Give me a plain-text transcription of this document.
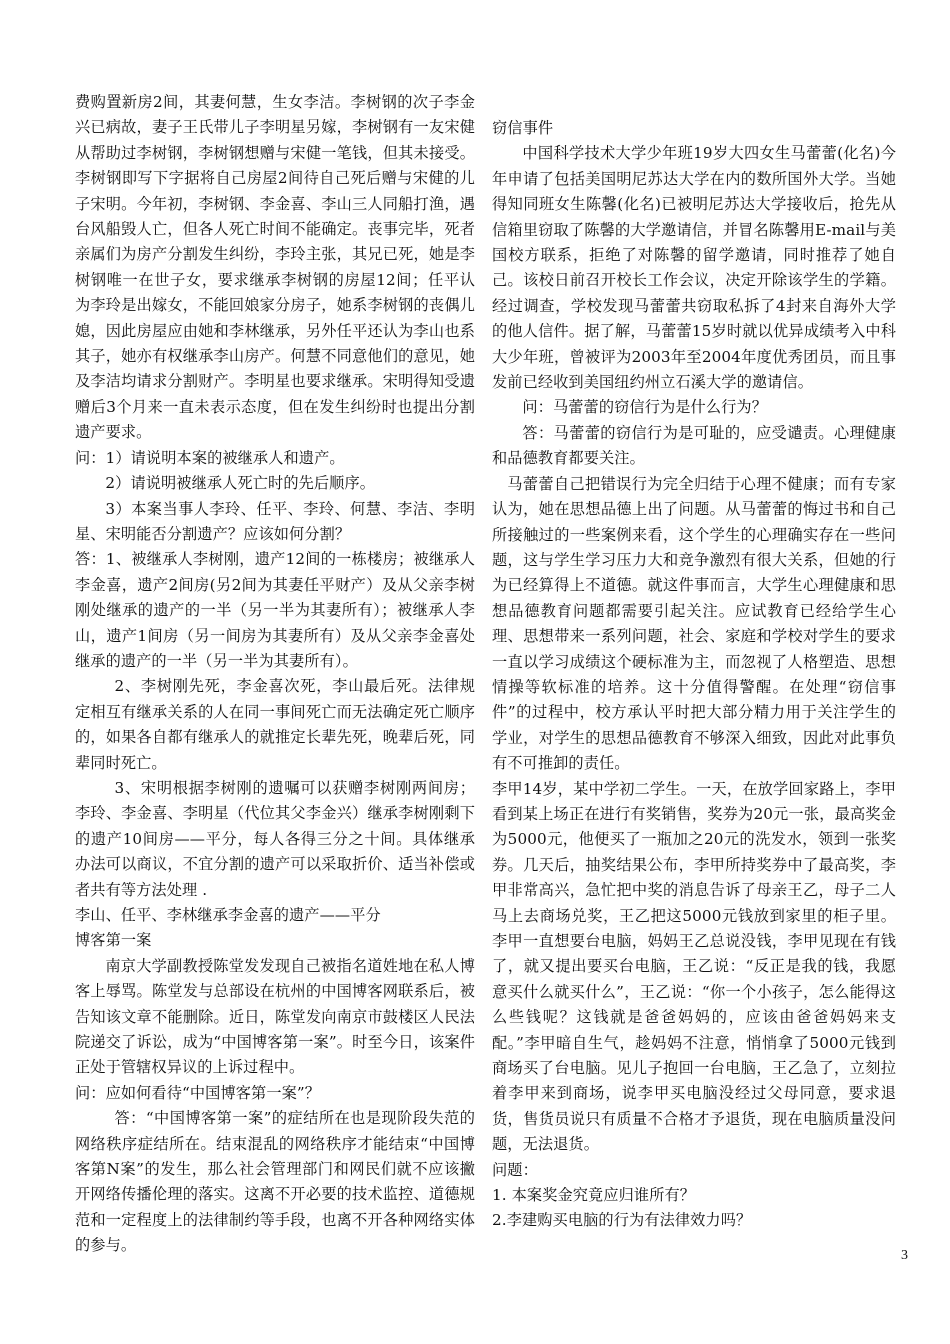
费购置新房2间，其妻何慧，生女李洁。李树钢的次子李金兴已病故，妻子王氏带儿子李明星另嫁，李树钢有一友宋健从帮助过李树钢，李树钢想赠与宋健一笔钱，但其未接受。李树钢即写下字据将自己房屋2间待自己死后赠与宋健的儿子宋明。今年初，李树钢、李金喜、李山三人同船打渔，遇台风船毁人亡，但各人死亡时间不能确定。丧事完毕，死者亲属们为房产分割发生纠纷，李玲主张，其兄已死，她是李树钢唯一在世子女，要求继承李树钢的房屋12间；任平认为李玲是出嫁女，不能回娘家分房子，她系李树钢的丧偶儿媳，因此房屋应由她和李林继承，另外任平还认为李山也系其子，她亦有权继承李山房产。何慧不同意他们的意见，她及李洁均请求分割财产。李明星也要求继承。宋明得知受遗赠后3个月来一直未表示态度，但在发生纠纷时也提出分割遗产要求。

问：1）请说明本案的被继承人和遗产。

2）请说明被继承人死亡时的先后顺序。

3）本案当事人李玲、任平、李玲、何慧、李洁、李明星、宋明能否分割遗产？应该如何分割？

答：1、被继承人李树刚，遗产12间的一栋楼房；被继承人李金喜，遗产2间房(另2间为其妻任平财产）及从父亲李树刚处继承的遗产的一半（另一半为其妻所有）；被继承人李山，遗产1间房（另一间房为其妻所有）及从父亲李金喜处继承的遗产的一半（另一半为其妻所有）。

2、李树刚先死，李金喜次死，李山最后死。法律规定相互有继承关系的人在同一事间死亡而无法确定死亡顺序的，如果各自都有继承人的就推定长辈先死，晚辈后死，同辈同时死亡。

3、宋明根据李树刚的遗嘱可以获赠李树刚两间房；李玲、李金喜、李明星（代位其父李金兴）继承李树刚剩下的遗产10间房——平分，每人各得三分之十间。具体继承办法可以商议，不宜分割的遗产可以采取折价、适当补偿或者共有等方法处理 .

李山、任平、李林继承李金喜的遗产——平分

博客第一案

南京大学副教授陈堂发发现自己被指名道姓地在私人博客上辱骂。陈堂发与总部设在杭州的中国博客网联系后，被告知该文章不能删除。近日，陈堂发向南京市鼓楼区人民法院递交了诉讼，成为“中国博客第一案”。时至今日，该案件正处于管辖权异议的上诉过程中。

问：应如何看待“中国博客第一案”？

答：“中国博客第一案”的症结所在也是现阶段失范的网络秩序症结所在。结束混乱的网络秩序才能结束“中国博客第N案”的发生，那么社会管理部门和网民们就不应该撇开网络传播伦理的落实。这离不开必要的技术监控、道德规范和一定程度上的法律制约等手段，也离不开各种网络实体的参与。

窃信事件

中国科学技术大学少年班19岁大四女生马蕾蕾(化名)今年申请了包括美国明尼苏达大学在内的数所国外大学。当她得知同班女生陈馨(化名)已被明尼苏达大学接收后，抢先从信箱里窃取了陈馨的大学邀请信，并冒名陈馨用E-mail与美国校方联系，拒绝了对陈馨的留学邀请，同时推荐了她自己。该校日前召开校长工作会议，决定开除该学生的学籍。经过调查，学校发现马蕾蕾共窃取私拆了4封来自海外大学的他人信件。据了解，马蕾蕾15岁时就以优异成绩考入中科大少年班，曾被评为2003年至2004年度优秀团员，而且事发前已经收到美国纽约州立石溪大学的邀请信。

问：马蕾蕾的窃信行为是什么行为？

答：马蕾蕾的窃信行为是可耻的，应受谴责。心理健康和品德教育都要关注。

马蕾蕾自己把错误行为完全归结于心理不健康；而有专家认为，她在思想品德上出了问题。从马蕾蕾的悔过书和自己所接触过的一些案例来看，这个学生的心理确实存在一些问题，这与学生学习压力大和竞争激烈有很大关系，但她的行为已经算得上不道德。就这件事而言，大学生心理健康和思想品德教育问题都需要引起关注。应试教育已经给学生心理、思想带来一系列问题，社会、家庭和学校对学生的要求一直以学习成绩这个硬标准为主，而忽视了人格塑造、思想情操等软标准的培养。这十分值得警醒。在处理“窃信事件”的过程中，校方承认平时把大部分精力用于关注学生的学业，对学生的思想品德教育不够深入细致，因此对此事负有不可推卸的责任。

李甲14岁，某中学初二学生。一天，在放学回家路上，李甲看到某上场正在进行有奖销售，奖券为20元一张，最高奖金为5000元，他便买了一瓶加之20元的洗发水，领到一张奖券。几天后，抽奖结果公布，李甲所持奖券中了最高奖，李甲非常高兴，急忙把中奖的消息告诉了母亲王乙，母子二人马上去商场兑奖，王乙把这5000元钱放到家里的柜子里。李甲一直想要台电脑，妈妈王乙总说没钱，李甲见现在有钱了，就又提出要买台电脑，王乙说：“反正是我的钱，我愿意买什么就买什么”，王乙说：“你一个小孩子，怎么能得这么些钱呢？这钱就是爸爸妈妈的，应该由爸爸妈妈来支配。”李甲暗自生气，趁妈妈不注意，悄悄拿了5000元钱到商场买了台电脑。见儿子抱回一台电脑，王乙急了，立刻拉着李甲来到商场，说李甲买电脑没经过父母同意，要求退货，售货员说只有质量不合格才予退货，现在电脑质量没问题，无法退货。

问题：

1. 本案奖金究竟应归谁所有？

2.李建购买电脑的行为有法律效力吗？

3
